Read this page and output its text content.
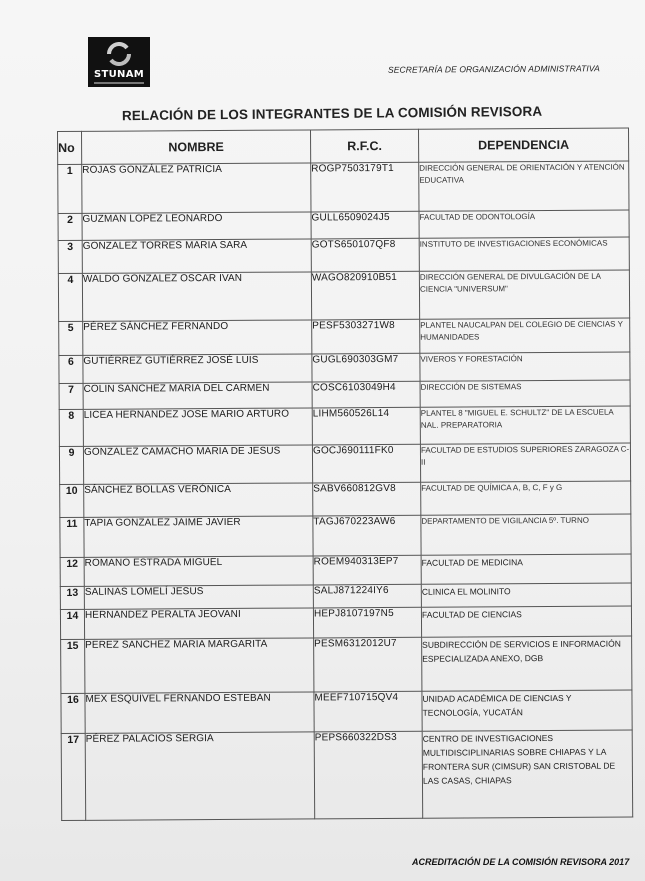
STUNAM	SECRETARÍA DE ORGANIZACIÓN ADMINISTRATIVA
RELACIÓN DE LOS INTEGRANTES DE LA COMISIÓN REVISORA
No	NOMBRE	R.F.C.	DEPENDENCIA
1	ROJAS GONZÁLEZ PATRICIA	ROGP7503179T1	DIRECCIÓN GENERAL DE ORIENTACIÓN Y ATENCIÓN EDUCATIVA
2	GUZMAN LOPEZ LEONARDO	GULL6509024J5	FACULTAD DE ODONTOLOGÍA
3	GONZALEZ TORRES MARIA SARA	GOTS650107QF8	INSTITUTO DE INVESTIGACIONES ECONÓMICAS
4	WALDO GONZALEZ OSCAR IVAN	WAGO820910B51	DIRECCIÓN GENERAL DE DIVULGACIÓN DE LA CIENCIA "UNIVERSUM"
5	PÉREZ SÁNCHEZ FERNANDO	PESF5303271W8	PLANTEL NAUCALPAN DEL COLEGIO DE CIENCIAS Y HUMANIDADES
6	GUTIÉRREZ GUTIÉRREZ JOSÉ LUIS	GUGL690303GM7	VIVEROS Y FORESTACIÓN
7	COLIN SANCHEZ MARIA DEL CARMEN	COSC6103049H4	DIRECCIÓN DE SISTEMAS
8	LICEA HERNANDEZ JOSE MARIO ARTURO	LIHM560526L14	PLANTEL 8 "MIGUEL E. SCHULTZ" DE LA ESCUELA NAL. PREPARATORIA
9	GONZALEZ CAMACHO MARIA DE JESUS	GOCJ690111FK0	FACULTAD DE ESTUDIOS SUPERIORES ZARAGOZA C-II
10	SÁNCHEZ BOLLAS VERÓNICA	SABV660812GV8	FACULTAD DE QUÍMICA A, B, C, F y G
11	TAPIA GONZALEZ JAIME JAVIER	TAGJ670223AW6	DEPARTAMENTO DE VIGILANCIA 5º. TURNO
12	ROMANO ESTRADA MIGUEL	ROEM940313EP7	FACULTAD DE MEDICINA
13	SALINAS LOMELÍ JESUS	SALJ871224IY6	CLINICA EL MOLINITO
14	HERNANDEZ PERALTA JEOVANI	HEPJ8107197N5	FACULTAD DE CIENCIAS
15	PEREZ SANCHEZ MARIA MARGARITA	PESM6312012U7	SUBDIRECCIÓN DE SERVICIOS E INFORMACIÓN ESPECIALIZADA ANEXO, DGB
16	MEX ESQUIVEL FERNANDO ESTEBAN	MEEF710715QV4	UNIDAD ACADÉMICA DE CIENCIAS Y TECNOLOGÍA, YUCATÁN
17	PÉREZ PALACIOS SERGIA	PEPS660322DS3	CENTRO DE INVESTIGACIONES MULTIDISCIPLINARIAS SOBRE CHIAPAS Y LA FRONTERA SUR (CIMSUR) SAN CRISTOBAL DE LAS CASAS, CHIAPAS
ACREDITACIÓN DE LA COMISIÓN REVISORA 2017
